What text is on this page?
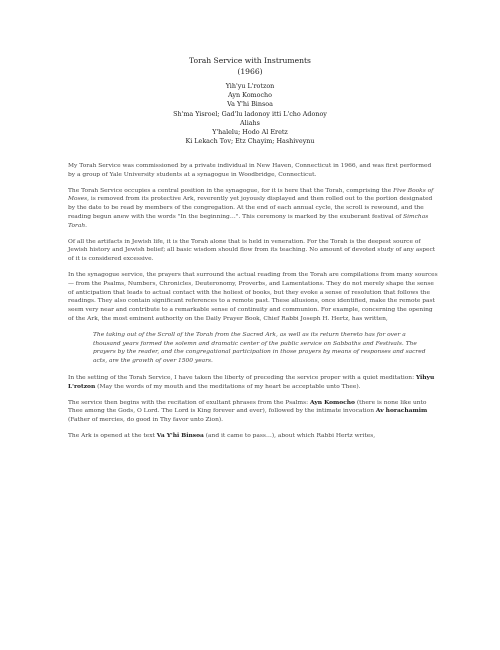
Torah Service with Instruments
(1966)
Yih'yu L'rotzon
Ayn Komocho
Va Y'hi Binsoa
Sh'ma Yisroel; Gad'lu ladonoy itti L'cho Adonoy
Aliahs
Y'halelu; Hodo Al Eretz
Ki Lekach Tov; Etz Chayim; Hashiveynu

My Torah Service was commissioned by a private individual in New Haven, Connecticut in 1966, and was first performed by a group of Yale University students at a synagogue in Woodbridge, Connecticut.

The Torah Service occupies a central position in the synagogue, for it is here that the Torah, comprising the Five Books of Moses, is removed from its protective Ark, reverently yet joyously displayed and then rolled out to the portion designated by the date to be read by members of the congregation. At the end of each annual cycle, the scroll is rewound, and the reading begun anew with the words "In the beginning…". This ceremony is marked by the exuberant festival of Simchas Torah.

Of all the artifacts in Jewish life, it is the Torah alone that is held in veneration. For the Torah is the deepest source of Jewish history and Jewish belief; all basic wisdom should flow from its teaching. No amount of devoted study of any aspect of it is considered excessive.

In the synagogue service, the prayers that surround the actual reading from the Torah are compilations from many sources — from the Psalms, Numbers, Chronicles, Deuteronomy, Proverbs, and Lamentations. They do not merely shape the sense of anticipation that leads to actual contact with the holiest of books, but they evoke a sense of resolution that follows the readings. They also contain significant references to a remote past. These allusions, once identified, make the remote past seem very near and contribute to a remarkable sense of continuity and communion. For example, concerning the opening of the Ark, the most eminent authority on the Daily Prayer Book, Chief Rabbi Joseph H. Hertz, has written,

The taking out of the Scroll of the Torah from the Sacred Ark, as well as its return thereto has for over a thousand years formed the solemn and dramatic center of the public service on Sabbaths and Festivals. The prayers by the reader, and the congregational participation in those prayers by means of responses and sacred acts, are the growth of over 1500 years.

In the setting of the Torah Service, I have taken the liberty of preceding the service proper with a quiet meditation: Yihyu L'rotzon (May the words of my mouth and the meditations of my heart be acceptable unto Thee).

The service then begins with the recitation of exultant phrases from the Psalms: Ayn Komocho (there is none like unto Thee among the Gods, O Lord. The Lord is King forever and ever), followed by the intimate invocation Av horachamim (Father of mercies, do good in Thy favor unto Zion).

The Ark is opened at the text Va Y'hi Binsoa (and it came to pass…), about which Rabbi Hertz writes,
